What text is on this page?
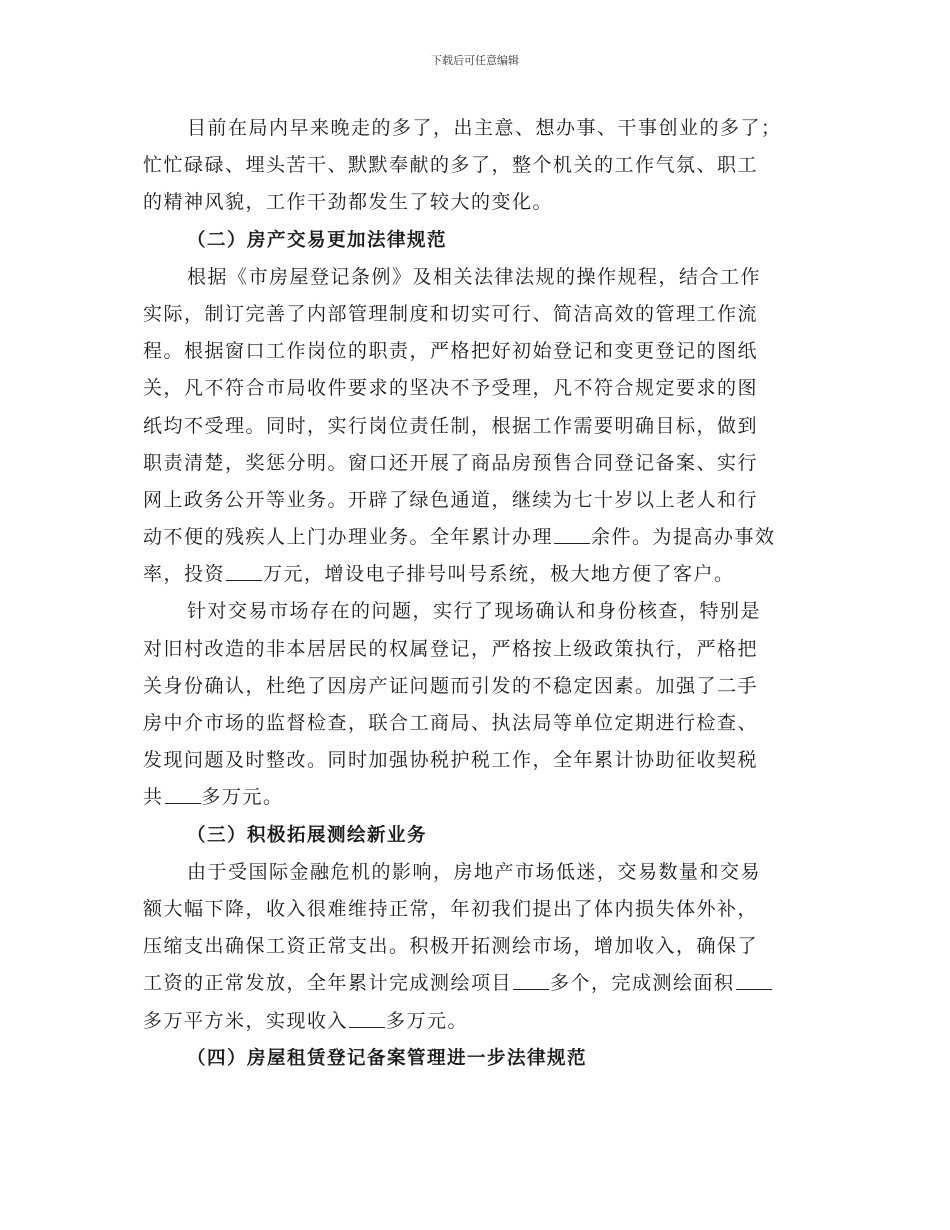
下载后可任意编辑
目前在局内早来晚走的多了，出主意、想办事、干事创业的多了；
忙忙碌碌、埋头苦干、默默奉献的多了，整个机关的工作气氛、职工
的精神风貌，工作干劲都发生了较大的变化。
（二）房产交易更加法律规范
根据《市房屋登记条例》及相关法律法规的操作规程，结合工作
实际，制订完善了内部管理制度和切实可行、简洁高效的管理工作流
程。根据窗口工作岗位的职责，严格把好初始登记和变更登记的图纸
关，凡不符合市局收件要求的坚决不予受理，凡不符合规定要求的图
纸均不受理。同时，实行岗位责任制，根据工作需要明确目标，做到
职责清楚，奖惩分明。窗口还开展了商品房预售合同登记备案、实行
网上政务公开等业务。开辟了绿色通道，继续为七十岁以上老人和行
动不便的残疾人上门办理业务。全年累计办理 余件。为提高办事效
率，投资 万元，增设电子排号叫号系统，极大地方便了客户。
针对交易市场存在的问题，实行了现场确认和身份核查，特别是
对旧村改造的非本居居民的权属登记，严格按上级政策执行，严格把
关身份确认，杜绝了因房产证问题而引发的不稳定因素。加强了二手
房中介市场的监督检查，联合工商局、执法局等单位定期进行检查、
发现问题及时整改。同时加强协税护税工作，全年累计协助征收契税
共 多万元。
（三）积极拓展测绘新业务
由于受国际金融危机的影响，房地产市场低迷，交易数量和交易
额大幅下降，收入很难维持正常，年初我们提出了体内损失体外补，
压缩支出确保工资正常支出。积极开拓测绘市场，增加收入，确保了
工资的正常发放，全年累计完成测绘项目 多个，完成测绘面积
多万平方米，实现收入 多万元。
（四）房屋租赁登记备案管理进一步法律规范
